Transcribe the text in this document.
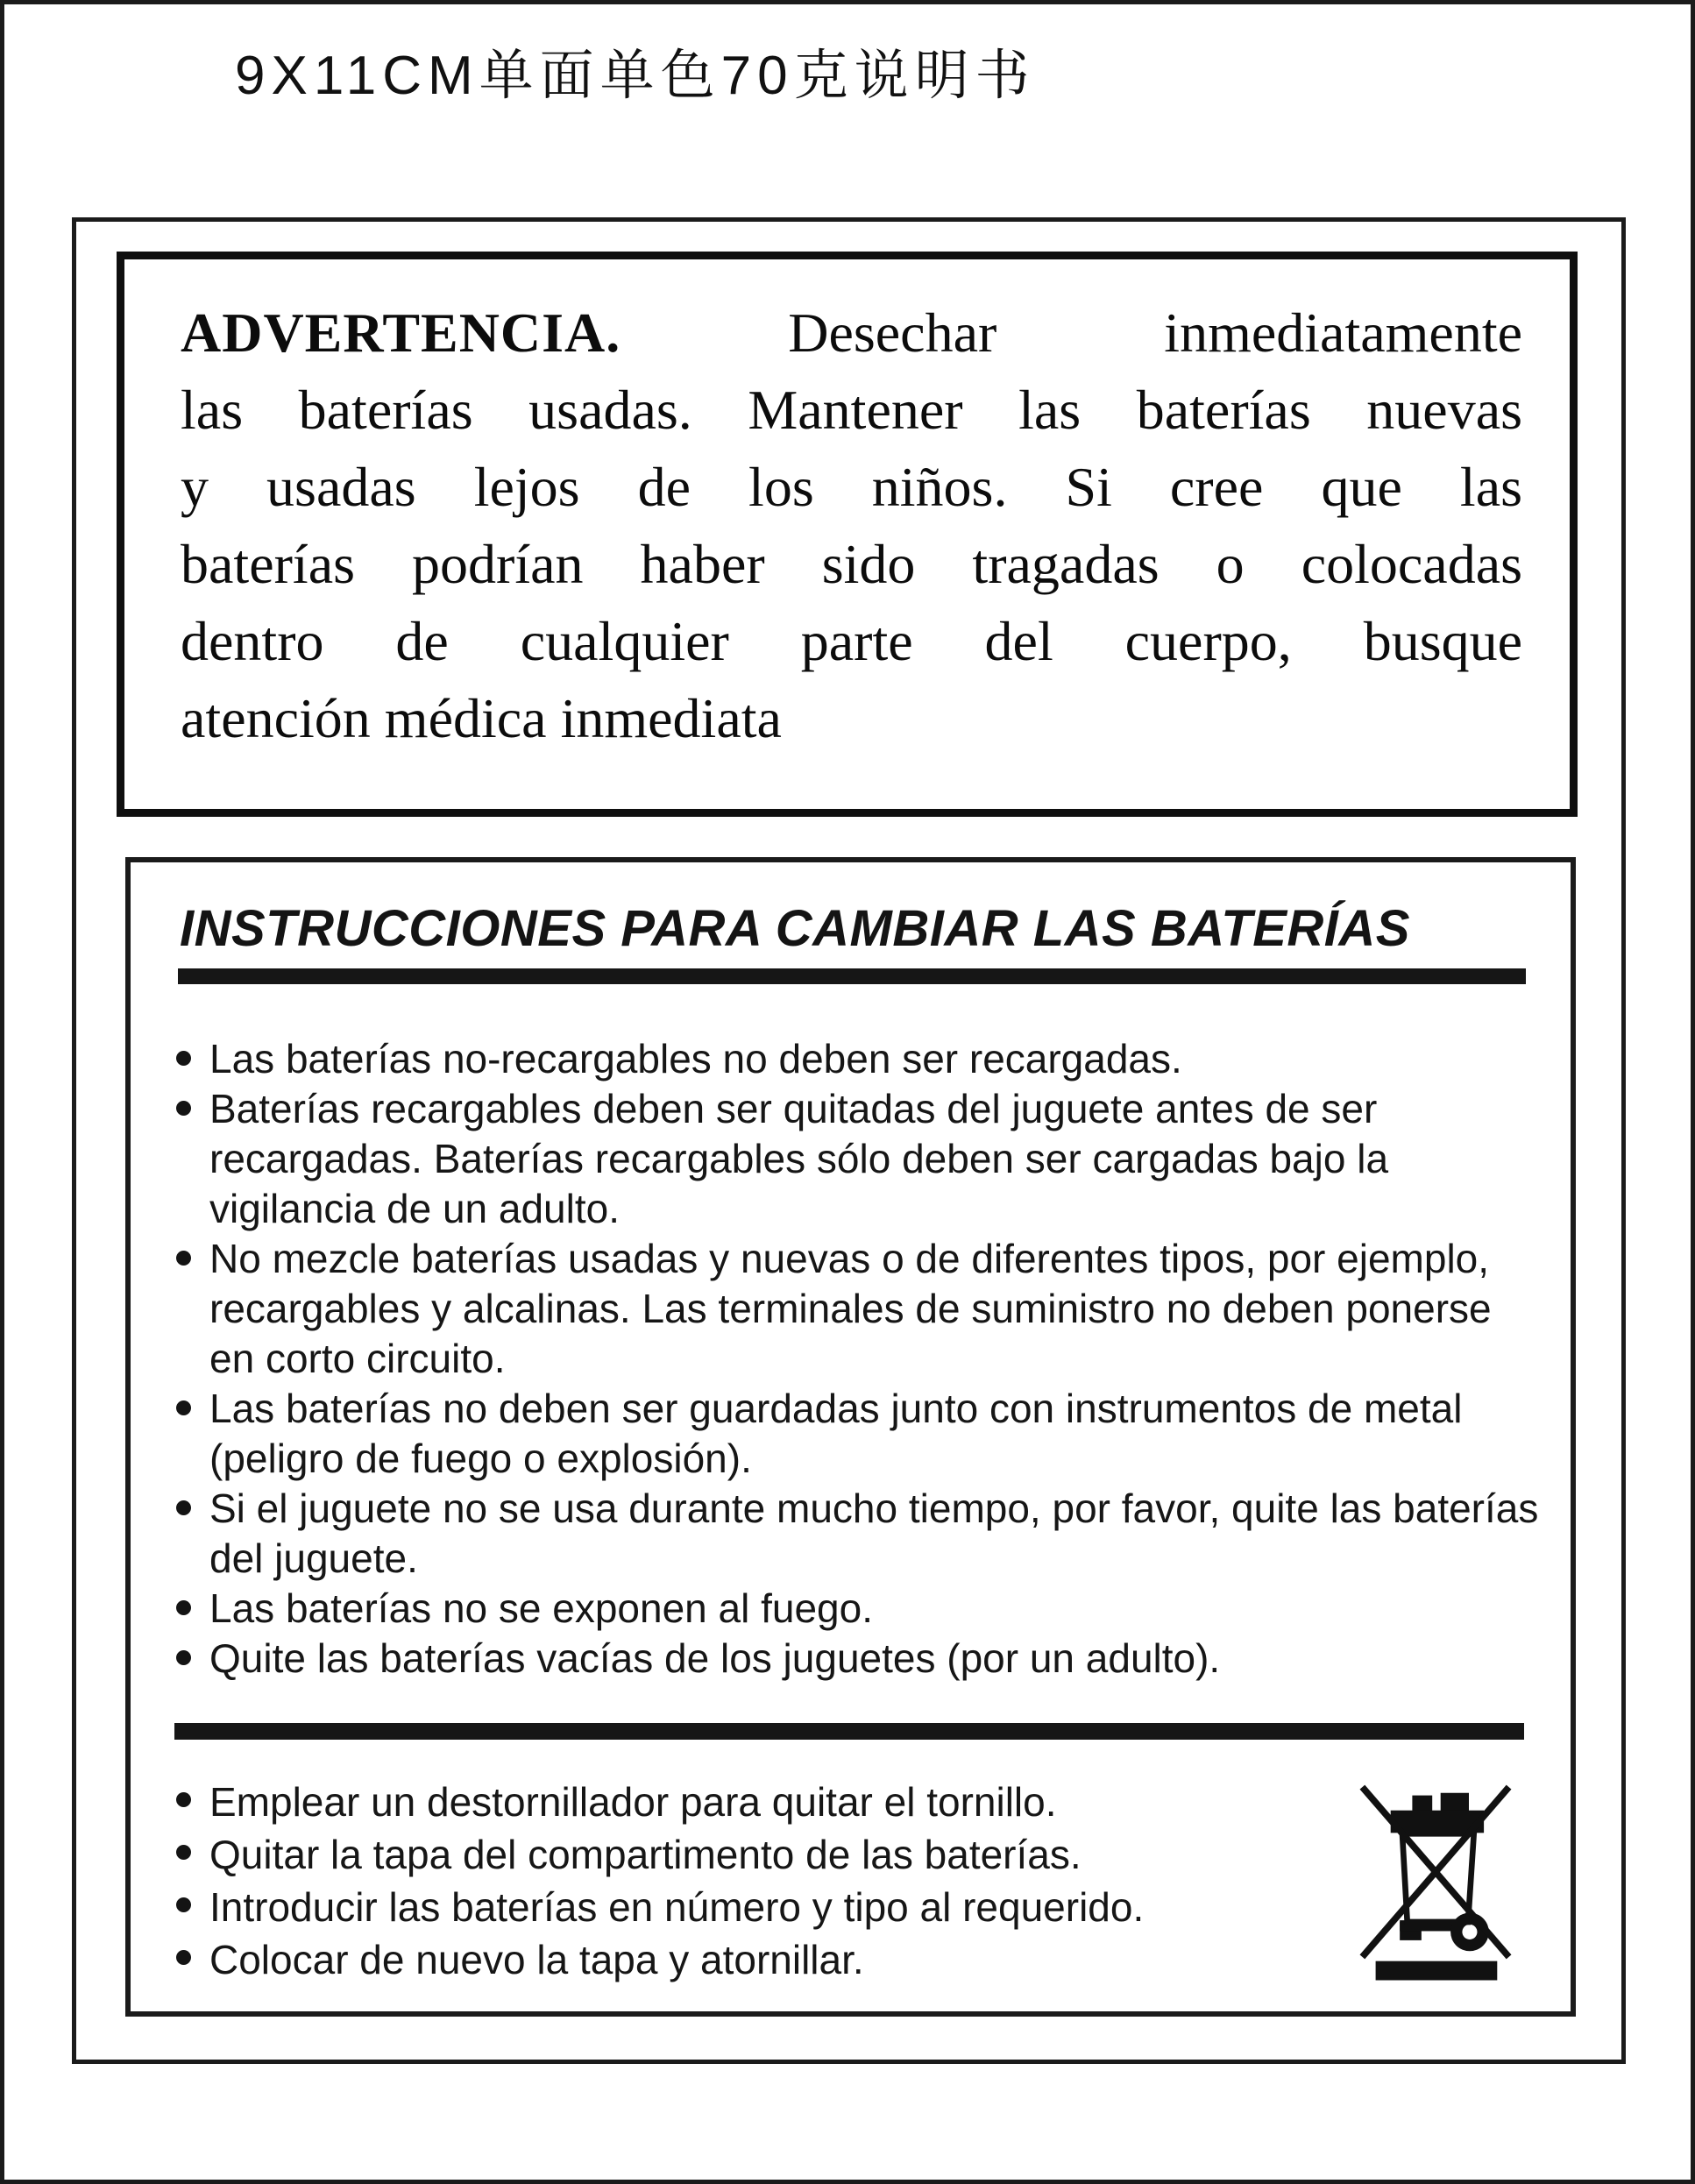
9X11CM单面单色70克说明书
ADVERTENCIA.	Desechar inmediatamente
las baterías usadas. Mantener las baterías nuevas
y usadas lejos de los niños. Si cree que las
baterías podrían haber sido tragadas o colocadas
dentro de cualquier parte del cuerpo, busque
atención médica inmediata
INSTRUCCIONES PARA CAMBIAR LAS BATERÍAS
Las baterías no-recargables no deben ser recargadas.
Baterías recargables deben ser quitadas del juguete antes de ser recargadas. Baterías recargables sólo deben ser cargadas bajo la vigilancia de un adulto.
No mezcle baterías usadas y nuevas o de diferentes tipos, por ejemplo, recargables y alcalinas. Las terminales de suministro no deben ponerse en corto circuito.
Las baterías no deben ser guardadas junto con instrumentos de metal (peligro de fuego o explosión).
Si el juguete no se usa durante mucho tiempo, por favor, quite las baterías del juguete.
Las baterías no se exponen al fuego.
Quite las baterías vacías de los juguetes (por un adulto).
Emplear un destornillador para quitar el tornillo.
Quitar la tapa del compartimento de las baterías.
Introducir las baterías en número y tipo al requerido.
Colocar de nuevo la tapa y atornillar.
